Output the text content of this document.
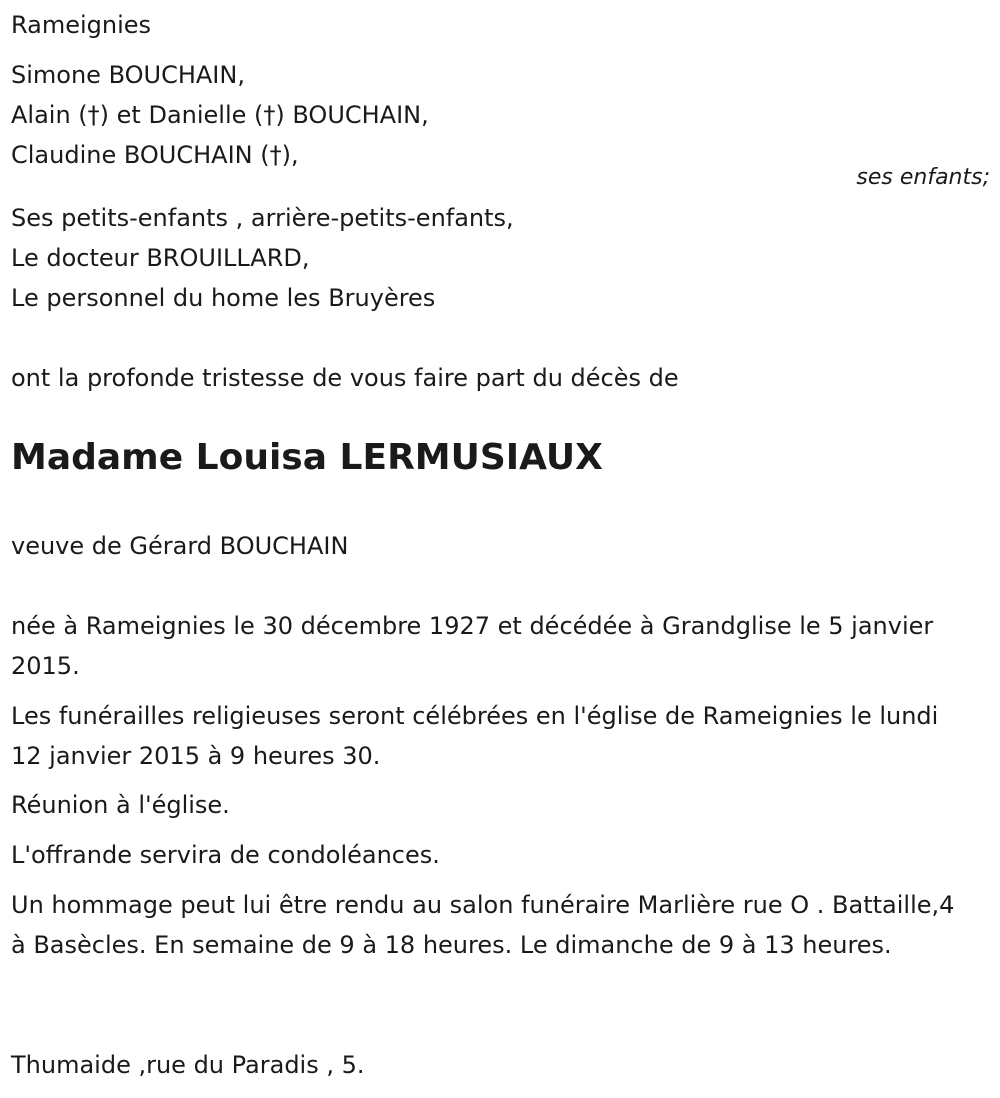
Rameignies
Simone BOUCHAIN,
Alain (†) et Danielle (†) BOUCHAIN,
Claudine BOUCHAIN (†),
ses enfants;
Ses petits-enfants , arrière-petits-enfants,
Le docteur BROUILLARD,
Le personnel du home les Bruyères
ont la profonde tristesse de vous faire part du décès de
Madame Louisa LERMUSIAUX
veuve de Gérard BOUCHAIN
née à Rameignies le 30 décembre 1927 et décédée à Grandglise le 5 janvier 2015.
Les funérailles religieuses seront célébrées en l'église de Rameignies le lundi 12 janvier 2015 à 9 heures 30.
Réunion à l'église.
L'offrande servira de condoléances.
Un hommage peut lui être rendu au salon funéraire Marlière rue O . Battaille,4 à Basècles. En semaine de 9 à 18 heures. Le dimanche de 9 à 13 heures.
Thumaide ,rue du Paradis , 5.
